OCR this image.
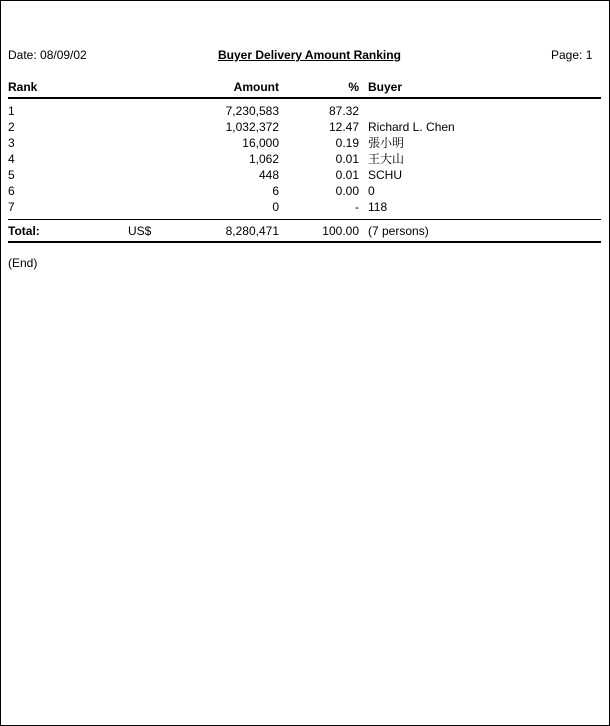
Date: 08/09/02	Buyer Delivery Amount Ranking	Page: 1
Rank	Amount	% Buyer
1	7,230,583	87.32
2	1,032,372	12.47 Richard L. Chen
3	16,000	0.19 張小明
4	1,062	0.01 王大山
5	448	0.01 SCHU
6	6	0.00 0
7	0	- 118
Total:	US$	8,280,471	100.00 (7 persons)
(End)
